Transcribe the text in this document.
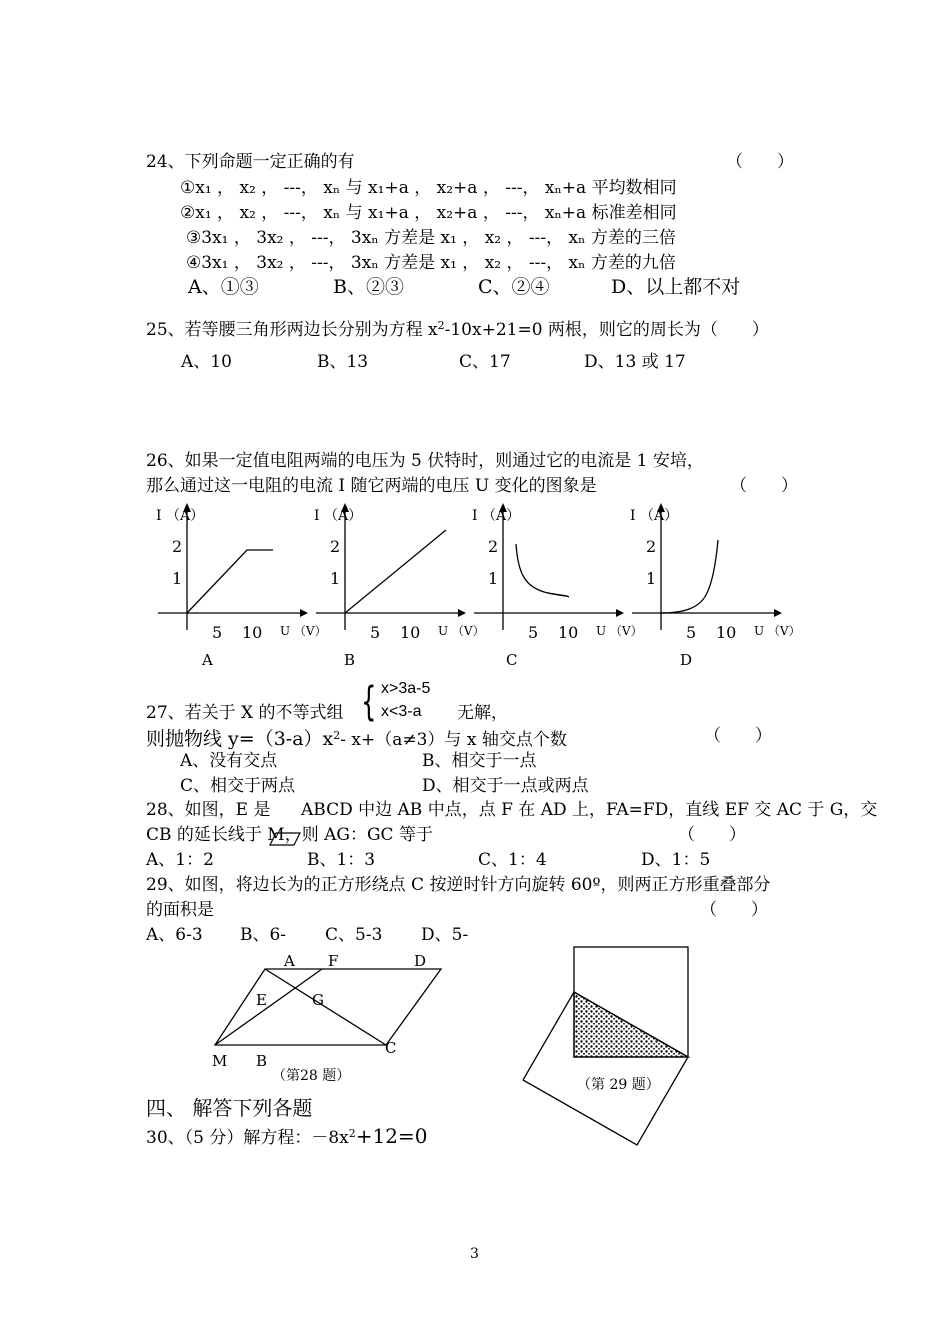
24、下列命题一定正确的有	（　　）
①x₁ ， x₂ ， ---， xₙ 与 x₁+a ， x₂+a ， ---， xₙ+a 平均数相同
②x₁ ， x₂ ， ---， xₙ 与 x₁+a ， x₂+a ， ---， xₙ+a 标准差相同
③3x₁ ， 3x₂ ， ---， 3xₙ 方差是 x₁ ， x₂ ， ---， xₙ 方差的三倍
④3x₁ ， 3x₂ ， ---， 3xₙ 方差是 x₁ ， x₂ ， ---， xₙ 方差的九倍
A、①③	B、②③	C、②④	D、以上都不对
25、若等腰三角形两边长分别为方程 $x^2-10x+21=0$ 两根，则它的周长为（　　）
A、10	B、13	C、17	D、13 或 17
26、如果一定值电阻两端的电压为 5 伏特时，则通过它的电流是 1 安培，
那么通过这一电阻的电流 I 随它两端的电压 U 变化的图象是	（　　）
I （A）
2
1
5 10 U （V）
A
I （A）
2
1
5 10 U （V）
B
I （A）
2
1
5 10 U （V）
C
I （A）
2
1
5 10 U （V）
D
27、若关于 X 的不等式组 { x>3a-5
x<3-a 无解，
则抛物线 $y=(3-a)x^2-$ x+（a≠3）与 x 轴交点个数	（　　）
A、没有交点	B、相交于一点
C、相交于两点	D、相交于一点或两点
28、如图，E 是 ABCD 中边 AB 中点，点 F 在 AD 上，FA=FD，直线 EF 交 AC 于 G，交
CB 的延长线于 M，则 AG：GC 等于	（　　）
A、1：2	B、1：3	C、1：4	D、1：5
29、如图，将边长为的正方形绕点 C 按逆时针方向旋转 60º，则两正方形重叠部分
的面积是	（　　）
A、6-3 B、6- C、5-3 D、5-
A F	D
E	G
M B
C
（第28 题）
（第 29 题）
四、 解答下列各题
30、（5 分）解方程：$-8x^2+12=0$
3
